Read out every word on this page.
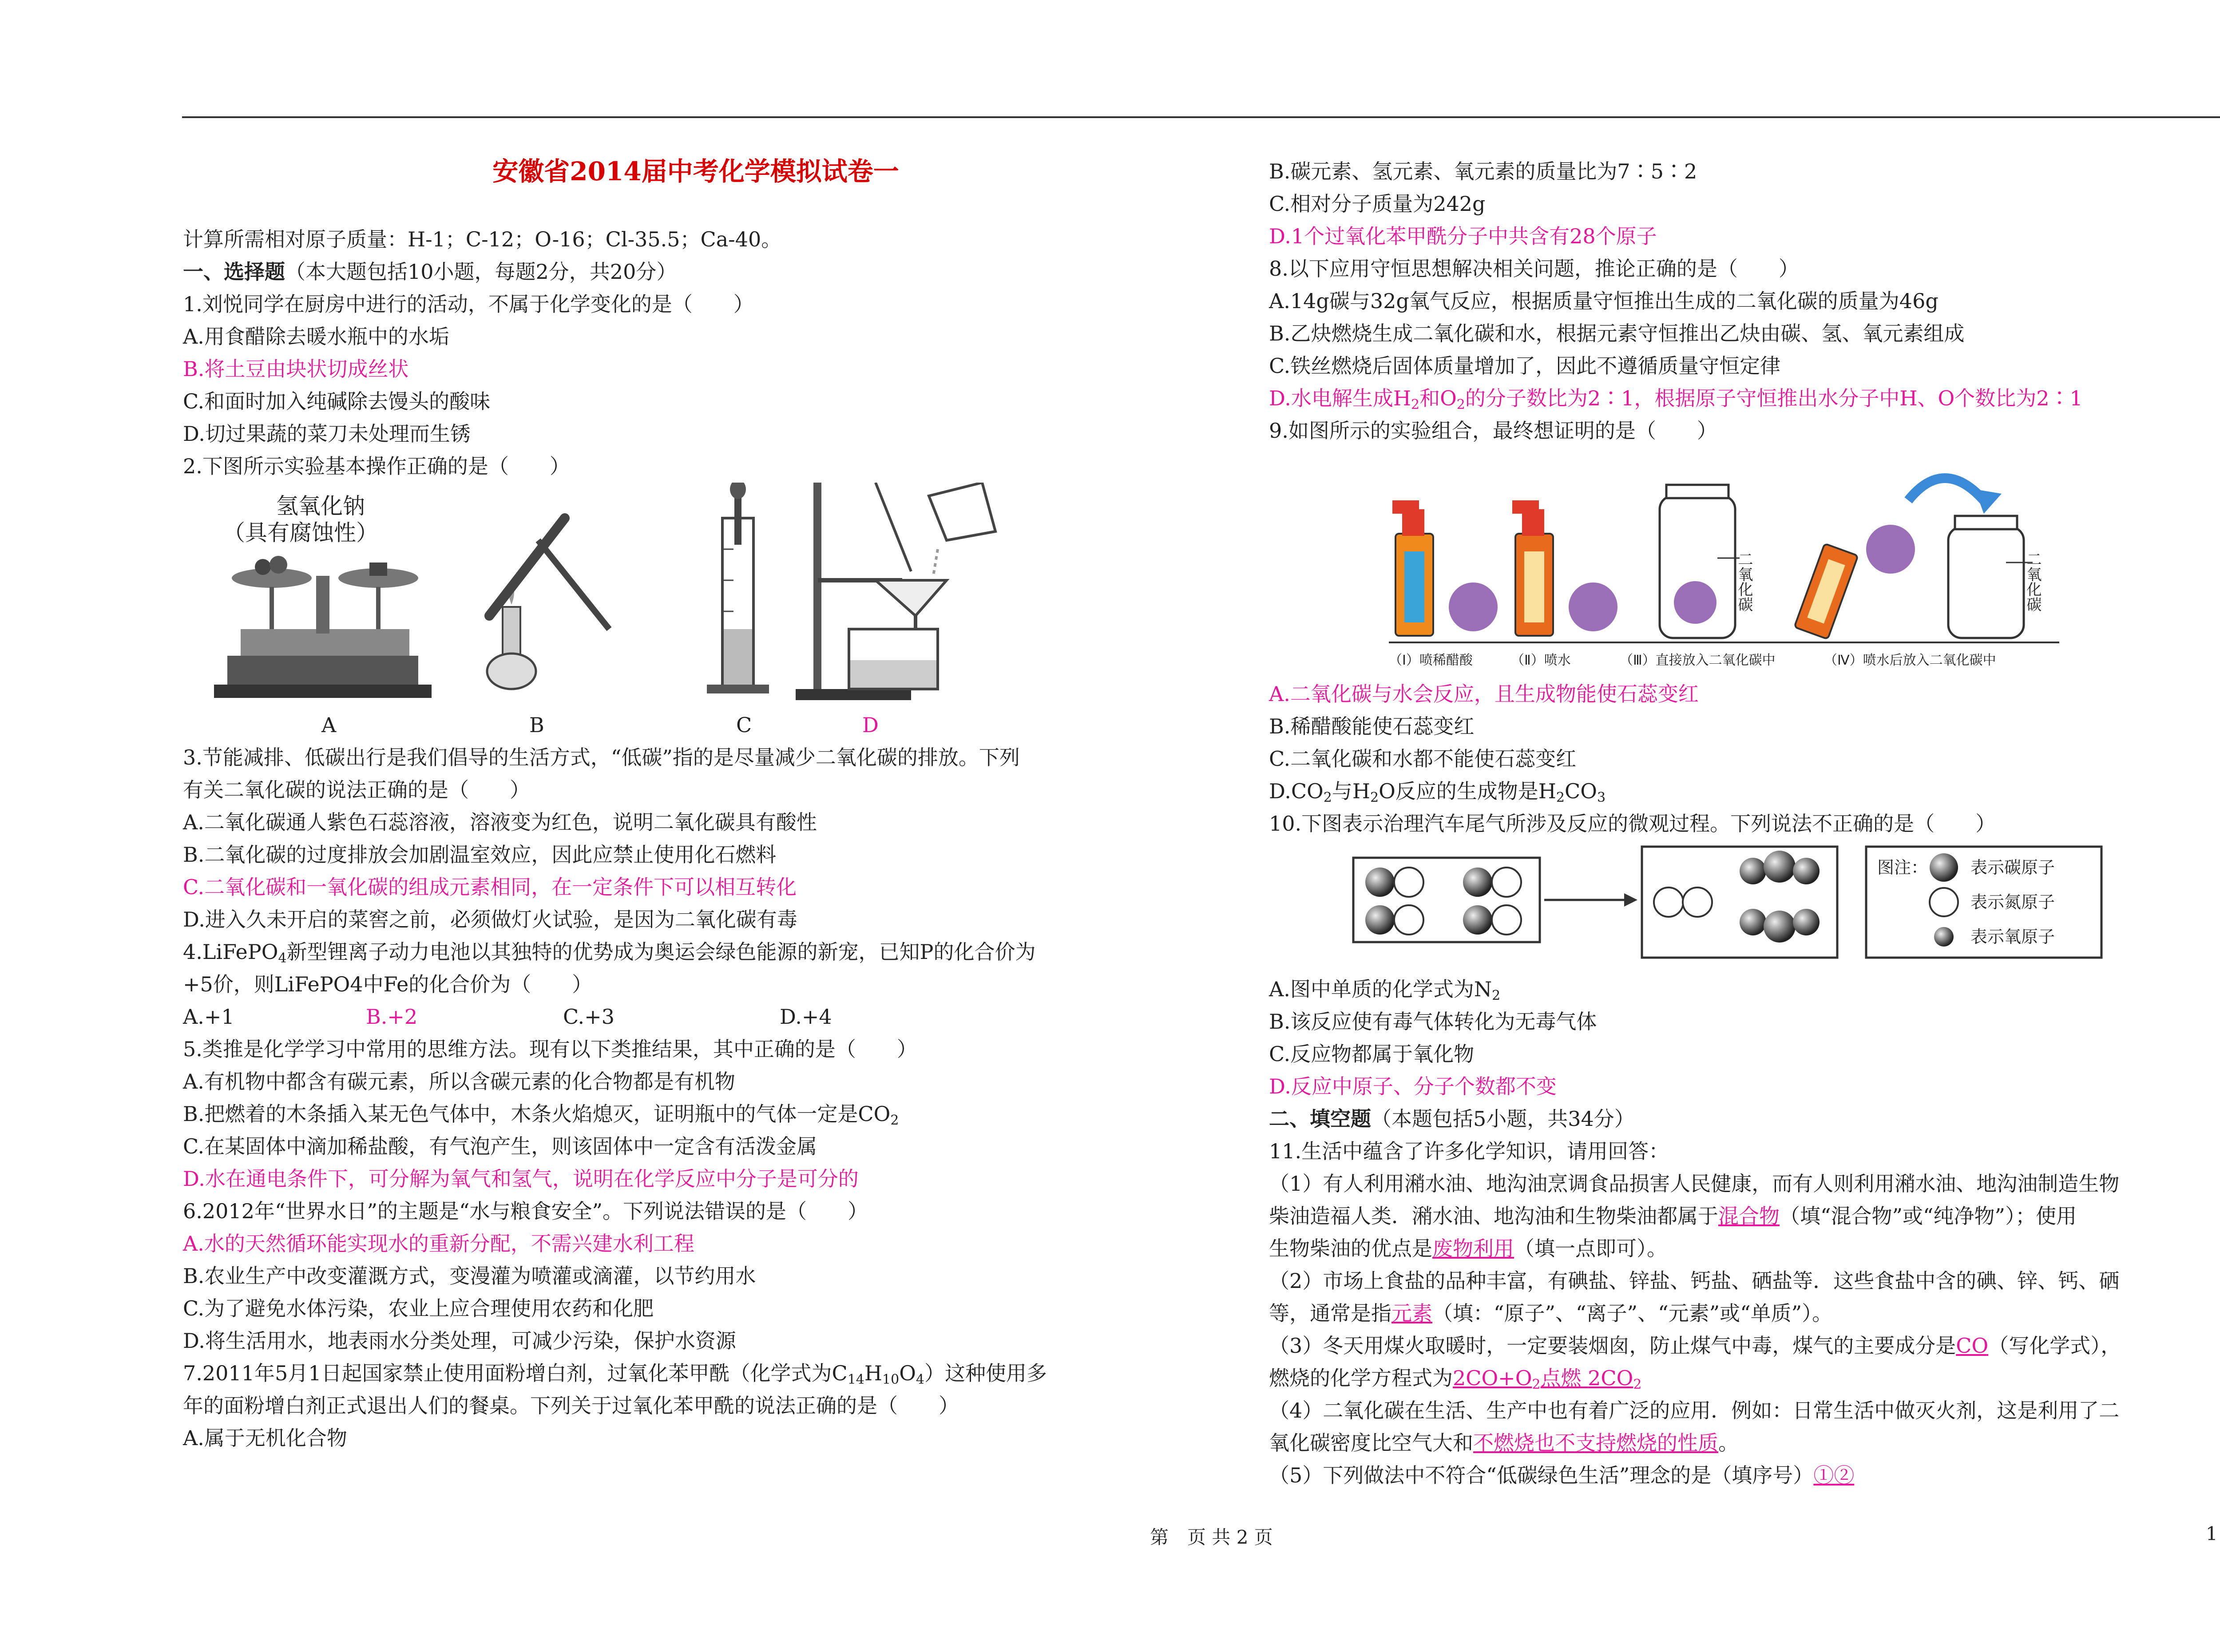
安徽省2014届中考化学模拟试卷一
计算所需相对原子质量：H-1；C-12；O-16；Cl-35.5；Ca-40。
一、选择题（本大题包括10小题，每题2分，共20分）
1.刘悦同学在厨房中进行的活动，不属于化学变化的是（　　）
A.用食醋除去暖水瓶中的水垢
B.将土豆由块状切成丝状
C.和面时加入纯碱除去馒头的酸味
D.切过果蔬的菜刀未处理而生锈
2.下图所示实验基本操作正确的是（　　）
氢氧化钠
（具有腐蚀性）
A	B	C	D
3.节能减排、低碳出行是我们倡导的生活方式，“低碳”指的是尽量减少二氧化碳的排放。下列
有关二氧化碳的说法正确的是（　　）
A.二氧化碳通人紫色石蕊溶液，溶液变为红色，说明二氧化碳具有酸性
B.二氧化碳的过度排放会加剧温室效应，因此应禁止使用化石燃料
C.二氧化碳和一氧化碳的组成元素相同，在一定条件下可以相互转化
D.进入久未开启的菜窖之前，必须做灯火试验，是因为二氧化碳有毒
4.LiFePO$_4$新型锂离子动力电池以其独特的优势成为奥运会绿色能源的新宠，已知P的化合价为
+5价，则LiFePO4中Fe的化合价为（　　）
A.+1	B.+2	C.+3	D.+4
5.类推是化学学习中常用的思维方法。现有以下类推结果，其中正确的是（　　）
A.有机物中都含有碳元素，所以含碳元素的化合物都是有机物
B.把燃着的木条插入某无色气体中，木条火焰熄灭，证明瓶中的气体一定是$CO_2$
C.在某固体中滴加稀盐酸，有气泡产生，则该固体中一定含有活泼金属
D.水在通电条件下，可分解为氧气和氢气，说明在化学反应中分子是可分的
6.2012年“世界水日”的主题是“水与粮食安全”。下列说法错误的是（　　）
A.水的天然循环能实现水的重新分配，不需兴建水利工程
B.农业生产中改变灌溉方式，变漫灌为喷灌或滴灌，以节约用水
C.为了避免水体污染，农业上应合理使用农药和化肥
D.将生活用水，地表雨水分类处理，可减少污染，保护水资源
7.2011年5月1日起国家禁止使用面粉增白剂，过氧化苯甲酰（化学式为$C_{14}H_{10}O_4$）这种使用多
年的面粉增白剂正式退出人们的餐桌。下列关于过氧化苯甲酰的说法正确的是（　　）
A.属于无机化合物
B.碳元素、氢元素、氧元素的质量比为7∶5∶2
C.相对分子质量为242g
D.1个过氧化苯甲酰分子中共含有28个原子
8.以下应用守恒思想解决相关问题，推论正确的是（　　）
A.14g碳与32g氧气反应，根据质量守恒推出生成的二氧化碳的质量为46g
B.乙炔燃烧生成二氧化碳和水，根据元素守恒推出乙炔由碳、氢、氧元素组成
C.铁丝燃烧后固体质量增加了，因此不遵循质量守恒定律
D.水电解生成$H_2$和$O_2$的分子数比为2∶1，根据原子守恒推出水分子中H、O个数比为2∶1
9.如图所示的实验组合，最终想证明的是（　　）
二氧化碳	二氧化碳
（Ⅰ）喷稀醋酸	（Ⅱ）喷水	（Ⅲ）直接放入二氧化碳中	（Ⅳ）喷水后放入二氧化碳中
A.二氧化碳与水会反应，且生成物能使石蕊变红
B.稀醋酸能使石蕊变红
C.二氧化碳和水都不能使石蕊变红
$D.CO_2$与$H_2O$反应的生成物是$H_2CO_3$
10.下图表示治理汽车尾气所涉及反应的微观过程。下列说法不正确的是（　　）
图注：	表示碳原子
表示氮原子
表示氧原子
A.图中单质的化学式为$N_2$
B.该反应使有毒气体转化为无毒气体
C.反应物都属于氧化物
D.反应中原子、分子个数都不变
二、填空题（本题包括5小题，共34分）
11.生活中蕴含了许多化学知识，请用回答：
（1）有人利用潲水油、地沟油烹调食品损害人民健康，而有人则利用潲水油、地沟油制造生物
柴油造福人类．潲水油、地沟油和生物柴油都属于混合物（填“混合物”或“纯净物”）；使用
生物柴油的优点是废物利用（填一点即可）。
（2）市场上食盐的品种丰富，有碘盐、锌盐、钙盐、硒盐等．这些食盐中含的碘、锌、钙、硒
等，通常是指元素（填：“原子”、“离子”、“元素”或“单质”）。
（3）冬天用煤火取暖时，一定要装烟囱，防止煤气中毒，煤气的主要成分是CO（写化学式），
燃烧的化学方程式为$2CO+O_2$点燃 $2CO_2$
（4）二氧化碳在生活、生产中也有着广泛的应用．例如：日常生活中做灭火剂，这是利用了二
氧化碳密度比空气大和不燃烧也不支持燃烧的性质。
（5）下列做法中不符合“低碳绿色生活”理念的是（填序号）①②
第　页 共 2 页	1
